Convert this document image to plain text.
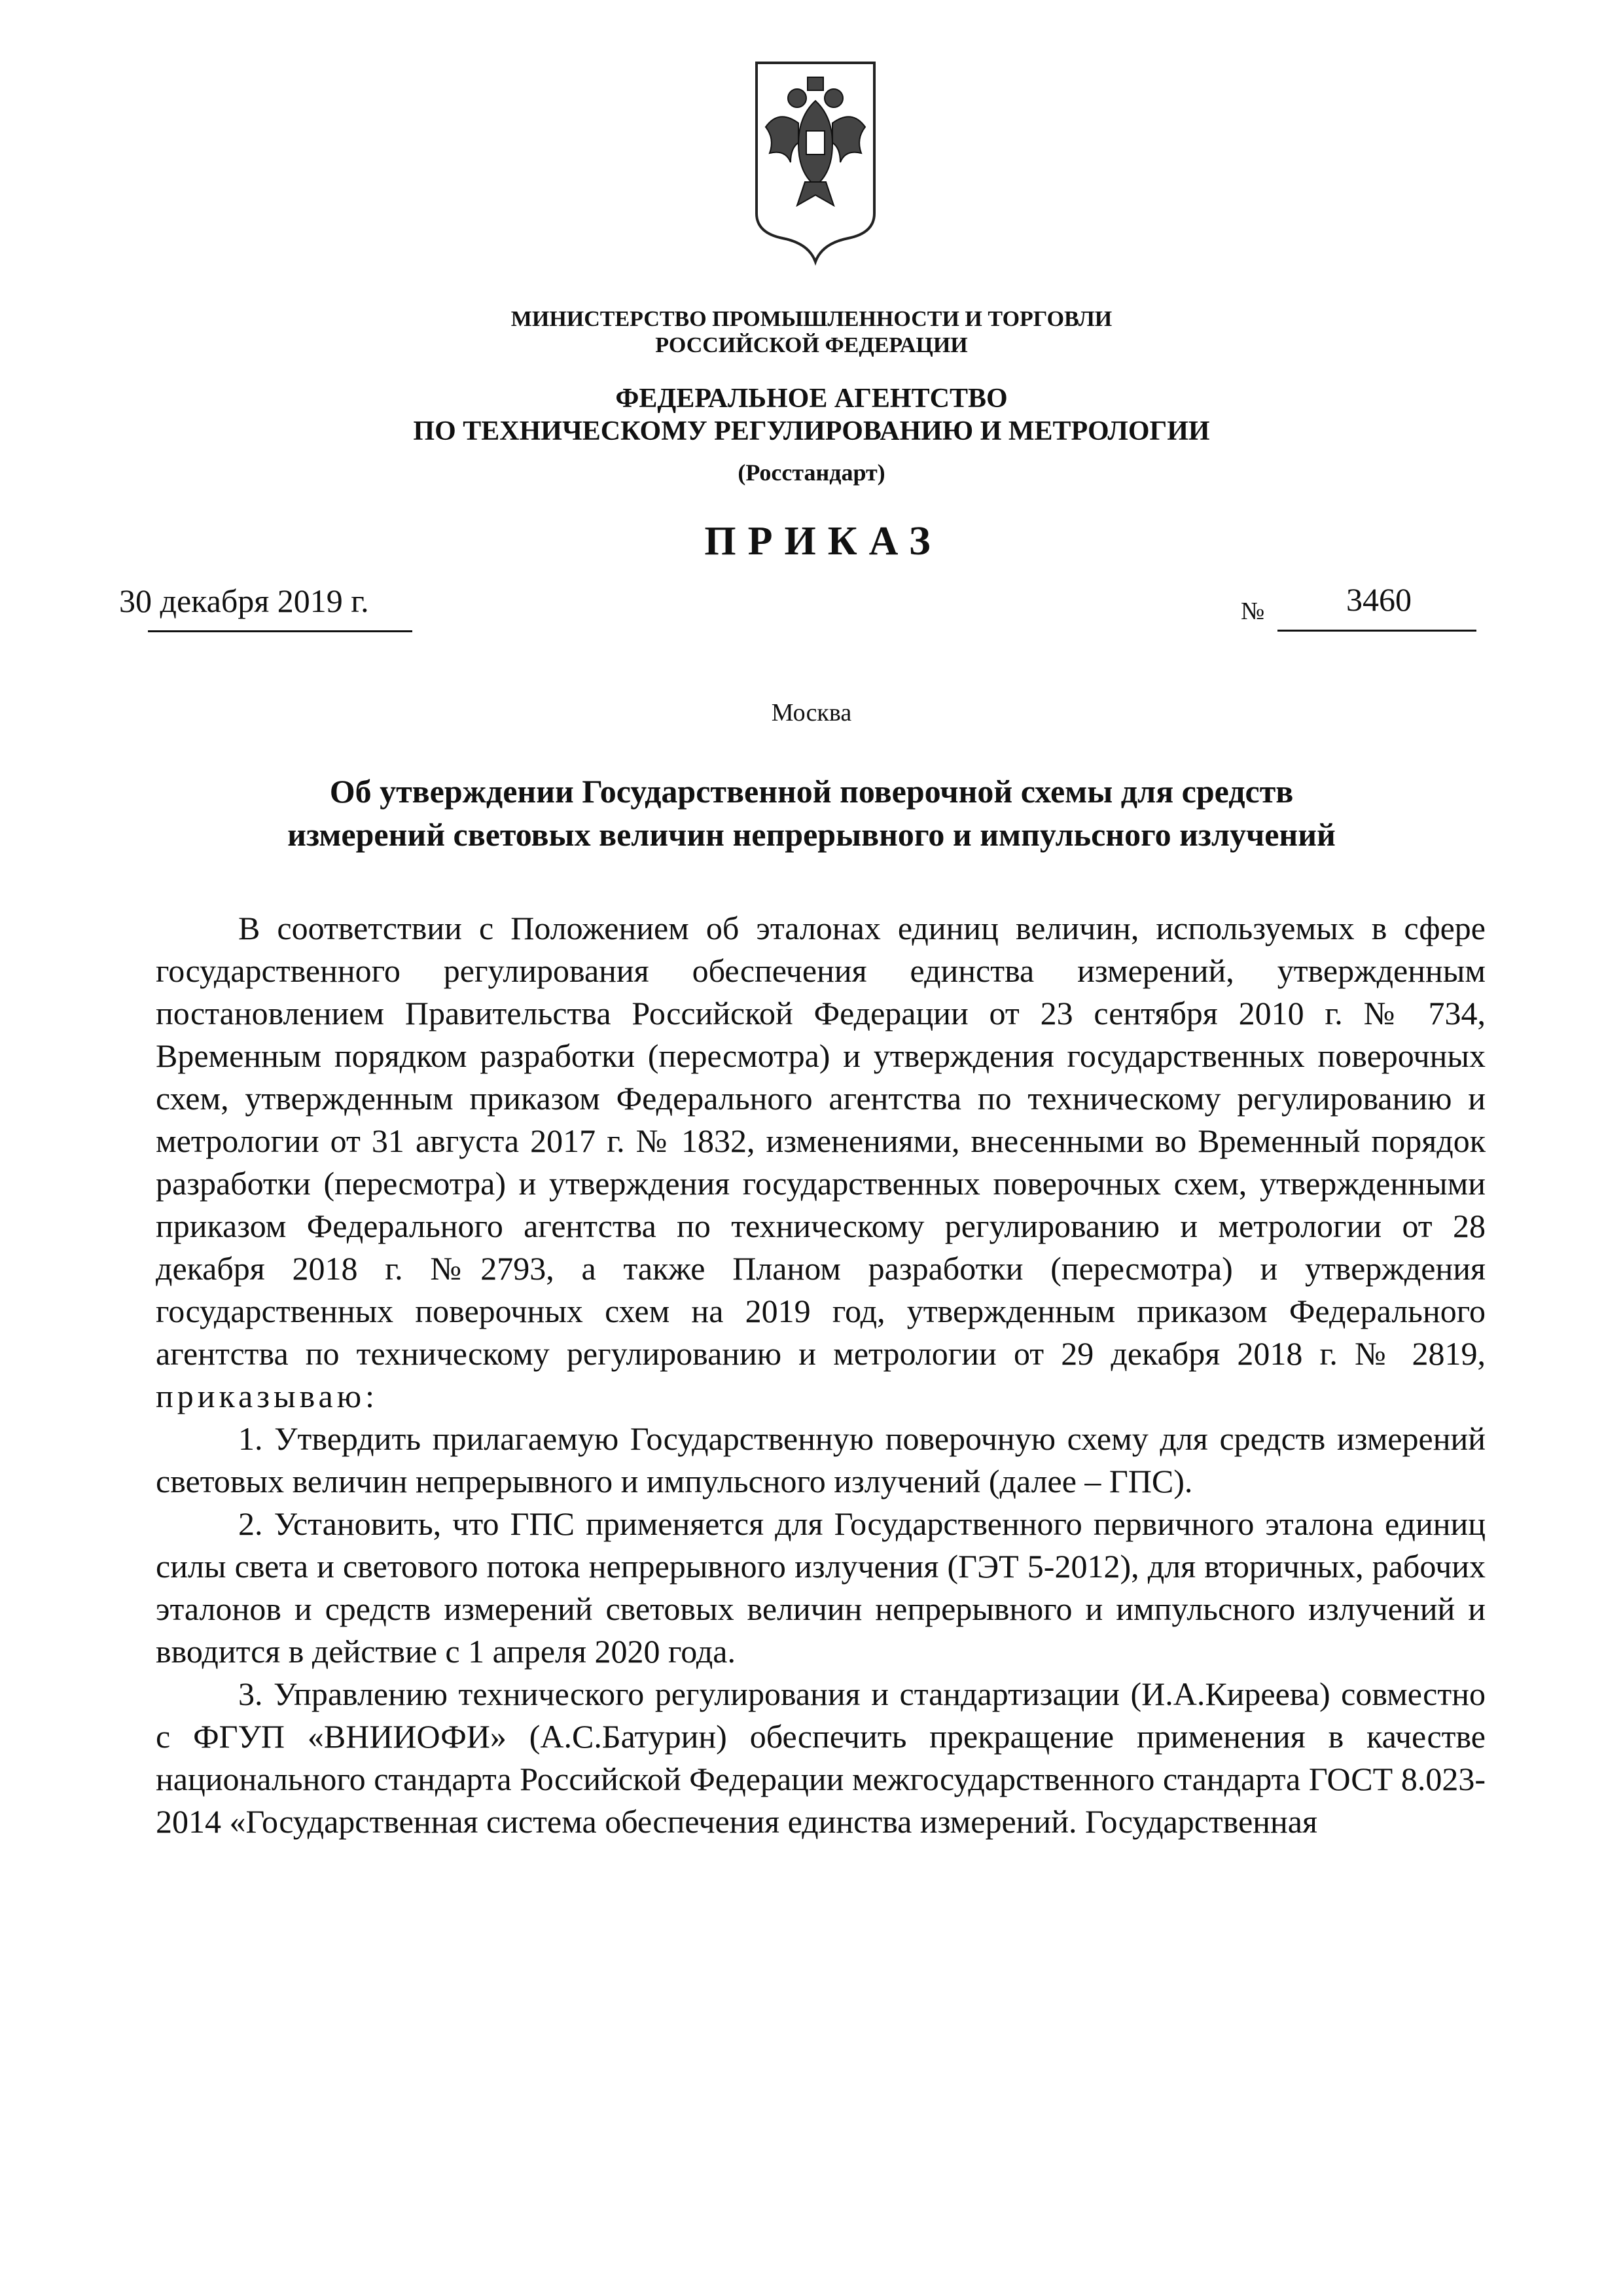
МИНИСТЕРСТВО ПРОМЫШЛЕННОСТИ И ТОРГОВЛИ
РОССИЙСКОЙ ФЕДЕРАЦИИ
ФЕДЕРАЛЬНОЕ АГЕНТСТВО
ПО ТЕХНИЧЕСКОМУ РЕГУЛИРОВАНИЮ И МЕТРОЛОГИИ
(Росстандарт)
ПРИКАЗ
30 декабря 2019 г.	№	3460
Москва
Об утверждении Государственной поверочной схемы для средств
измерений световых величин непрерывного и импульсного излучений

В соответствии с Положением об эталонах единиц величин, используемых в сфере государственного регулирования обеспечения единства измерений, утвержденным постановлением Правительства Российской Федерации от 23 сентября 2010 г. № 734, Временным порядком разработки (пересмотра) и утверждения государственных поверочных схем, утвержденным приказом Федерального агентства по техническому регулированию и метрологии от 31 августа 2017 г. № 1832, изменениями, внесенными во Временный порядок разработки (пересмотра) и утверждения государственных поверочных схем, утвержденными приказом Федерального агентства по техническому регулированию и метрологии от 28 декабря 2018 г. №2793, а также Планом разработки (пересмотра) и утверждения государственных поверочных схем на 2019 год, утвержденным приказом Федерального агентства по техническому регулированию и метрологии от 29 декабря 2018 г. № 2819, приказываю:

1. Утвердить прилагаемую Государственную поверочную схему для средств измерений световых величин непрерывного и импульсного излучений (далее – ГПС).

2. Установить, что ГПС применяется для Государственного первичного эталона единиц силы света и светового потока непрерывного излучения (ГЭТ 5-2012), для вторичных, рабочих эталонов и средств измерений световых величин непрерывного и импульсного излучений и вводится в действие с 1 апреля 2020 года.

3. Управлению технического регулирования и стандартизации (И.А.Киреева) совместно с ФГУП «ВНИИОФИ» (А.С.Батурин) обеспечить прекращение применения в качестве национального стандарта Российской Федерации межгосударственного стандарта ГОСТ 8.023-2014 «Государственная система обеспечения единства измерений. Государственная
